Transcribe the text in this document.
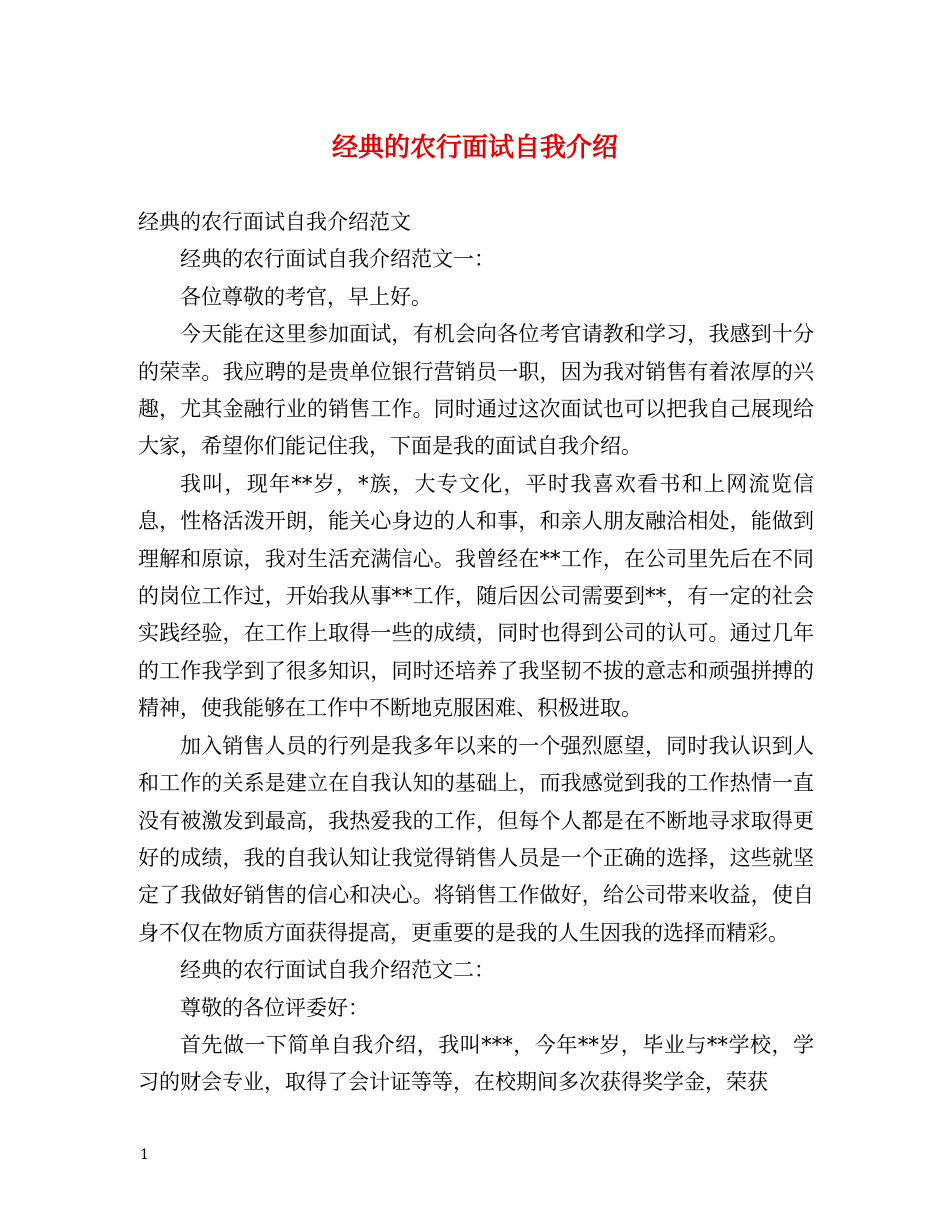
经典的农行面试自我介绍

经典的农行面试自我介绍范文

经典的农行面试自我介绍范文一：

各位尊敬的考官，早上好。

今天能在这里参加面试，有机会向各位考官请教和学习，我感到十分的荣幸。我应聘的是贵单位银行营销员一职，因为我对销售有着浓厚的兴趣，尤其金融行业的销售工作。同时通过这次面试也可以把我自己展现给大家，希望你们能记住我，下面是我的面试自我介绍。

我叫，现年**岁，*族，大专文化，平时我喜欢看书和上网流览信息，性格活泼开朗，能关心身边的人和事，和亲人朋友融洽相处，能做到理解和原谅，我对生活充满信心。我曾经在**工作，在公司里先后在不同的岗位工作过，开始我从事**工作，随后因公司需要到**，有一定的社会实践经验，在工作上取得一些的成绩，同时也得到公司的认可。通过几年的工作我学到了很多知识，同时还培养了我坚韧不拔的意志和顽强拼搏的精神，使我能够在工作中不断地克服困难、积极进取。

加入销售人员的行列是我多年以来的一个强烈愿望，同时我认识到人和工作的关系是建立在自我认知的基础上，而我感觉到我的工作热情一直没有被激发到最高，我热爱我的工作，但每个人都是在不断地寻求取得更好的成绩，我的自我认知让我觉得销售人员是一个正确的选择，这些就坚定了我做好销售的信心和决心。将销售工作做好，给公司带来收益，使自身不仅在物质方面获得提高，更重要的是我的人生因我的选择而精彩。

经典的农行面试自我介绍范文二：

尊敬的各位评委好：

首先做一下简单自我介绍，我叫***，今年**岁，毕业与**学校，学习的财会专业，取得了会计证等等，在校期间多次获得奖学金，荣获

1
